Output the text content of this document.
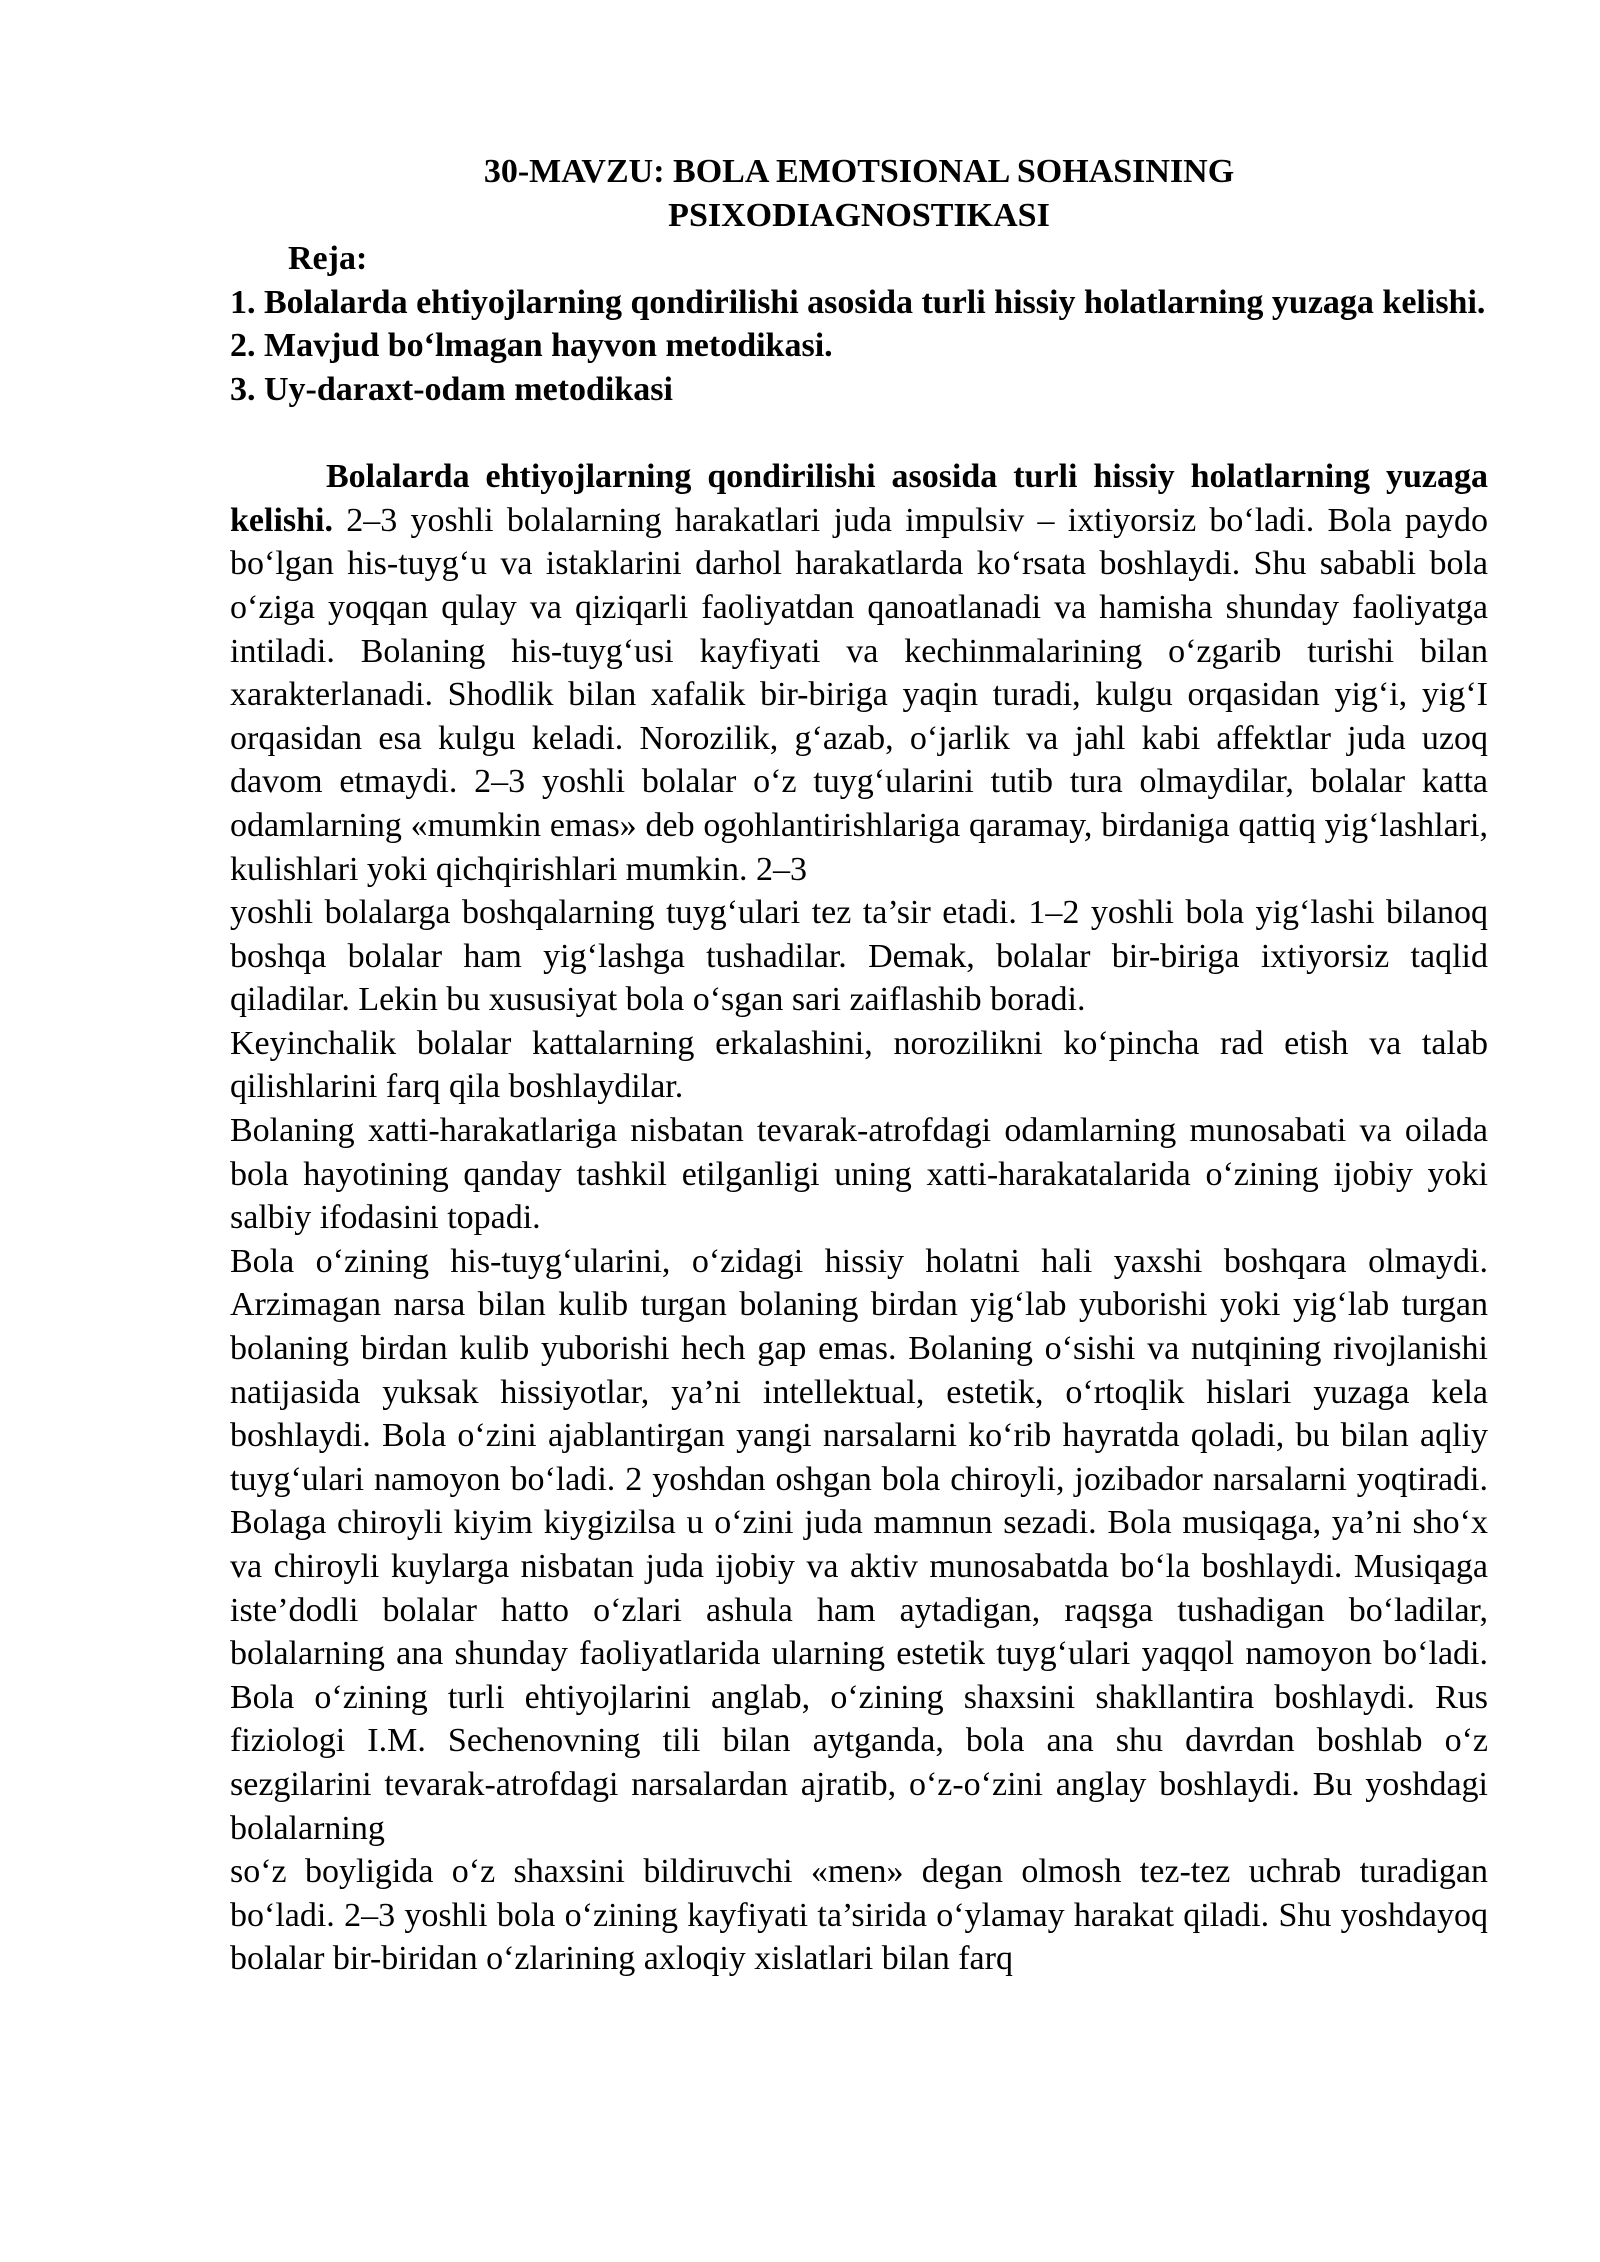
30-MAVZU: BOLA EMOTSIONAL SOHASINING
PSIXODIAGNOSTIKASI
Reja:
1. Bolalarda ehtiyojlarning qondirilishi asosida turli hissiy holatlarning yuzaga kelishi.
2. Mavjud bo‘lmagan hayvon metodikasi.
3. Uy-daraxt-odam metodikasi

Bolalarda ehtiyojlarning qondirilishi asosida turli hissiy holatlarning yuzaga kelishi. 2–3 yoshli bolalarning harakatlari juda impulsiv – ixtiyorsiz bo‘ladi. Bola paydo bo‘lgan his-tuyg‘u va istaklarini darhol harakatlarda ko‘rsata boshlaydi. Shu sababli bola o‘ziga yoqqan qulay va qiziqarli faoliyatdan qanoatlanadi va hamisha shunday faoliyatga intiladi. Bolaning his-tuyg‘usi kayfiyati va kechinmalarining o‘zgarib turishi bilan xarakterlanadi. Shodlik bilan xafalik bir-biriga yaqin turadi, kulgu orqasidan yig‘i, yig‘I orqasidan esa kulgu keladi. Norozilik, g‘azab, o‘jarlik va jahl kabi affektlar juda uzoq davom etmaydi. 2–3 yoshli bolalar o‘z tuyg‘ularini tutib tura olmaydilar, bolalar katta odamlarning «mumkin emas» deb ogohlantirishlariga qaramay, birdaniga qattiq yig‘lashlari, kulishlari yoki qichqirishlari mumkin. 2–3

yoshli bolalarga boshqalarning tuyg‘ulari tez ta’sir etadi. 1–2 yoshli bola yig‘lashi bilanoq boshqa bolalar ham yig‘lashga tushadilar. Demak, bolalar bir-biriga ixtiyorsiz taqlid qiladilar. Lekin bu xususiyat bola o‘sgan sari zaiflashib boradi.

Keyinchalik bolalar kattalarning erkalashini, norozilikni ko‘pincha rad etish va talab qilishlarini farq qila boshlaydilar.

Bolaning xatti-harakatlariga nisbatan tevarak-atrofdagi odamlarning munosabati va oilada bola hayotining qanday tashkil etilganligi uning xatti-harakatalarida o‘zining ijobiy yoki salbiy ifodasini topadi.

Bola o‘zining his-tuyg‘ularini, o‘zidagi hissiy holatni hali yaxshi boshqara olmaydi. Arzimagan narsa bilan kulib turgan bolaning birdan yig‘lab yuborishi yoki yig‘lab turgan bolaning birdan kulib yuborishi hech gap emas. Bolaning o‘sishi va nutqining rivojlanishi natijasida yuksak hissiyotlar, ya’ni intellektual, estetik, o‘rtoqlik hislari yuzaga kela boshlaydi. Bola o‘zini ajablantirgan yangi narsalarni ko‘rib hayratda qoladi, bu bilan aqliy tuyg‘ulari namoyon bo‘ladi. 2 yoshdan oshgan bola chiroyli, jozibador narsalarni yoqtiradi. Bolaga chiroyli kiyim kiygizilsa u o‘zini juda mamnun sezadi. Bola musiqaga, ya’ni sho‘x va chiroyli kuylarga nisbatan juda ijobiy va aktiv munosabatda bo‘la boshlaydi. Musiqaga iste’dodli bolalar hatto o‘zlari ashula ham aytadigan, raqsga tushadigan bo‘ladilar, bolalarning ana shunday faoliyatlarida ularning estetik tuyg‘ulari yaqqol namoyon bo‘ladi. Bola o‘zining turli ehtiyojlarini anglab, o‘zining shaxsini shakllantira boshlaydi. Rus fiziologi I.M. Sechenovning tili bilan aytganda, bola ana shu davrdan boshlab o‘z sezgilarini tevarak-atrofdagi narsalardan ajratib, o‘z-o‘zini anglay boshlaydi. Bu yoshdagi bolalarning

so‘z boyligida o‘z shaxsini bildiruvchi «men» degan olmosh tez-tez uchrab turadigan bo‘ladi. 2–3 yoshli bola o‘zining kayfiyati ta’sirida o‘ylamay harakat qiladi. Shu yoshdayoq bolalar bir-biridan o‘zlarining axloqiy xislatlari bilan farq
